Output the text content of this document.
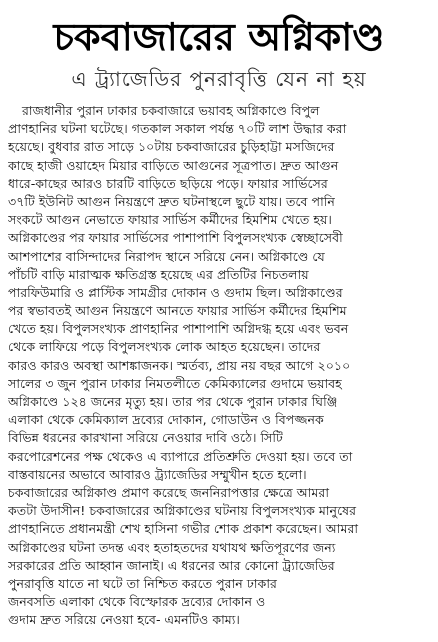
চকবাজারের অগ্নিকাণ্ড
এ ট্র্যাজেডির পুনরাবৃত্তি যেন না হয়
রাজধানীর পুরান ঢাকার চকবাজারে ভয়াবহ অগ্নিকাণ্ডে বিপুল
প্রাণহানির ঘটনা ঘটেছে। গতকাল সকাল পর্যন্ত ৭০টি লাশ উদ্ধার করা
হয়েছে। বুধবার রাত সাড়ে ১০টায় চকবাজারের চুড়িহাট্টা মসজিদের
কাছে হাজী ওয়াহেদ মিয়ার বাড়িতে আগুনের সূত্রপাত। দ্রুত আগুন
ধারে-কাছের আরও চারটি বাড়িতে ছড়িয়ে পড়ে। ফায়ার সার্ভিসের
৩৭টি ইউনিট আগুন নিয়ন্ত্রণে দ্রুত ঘটনাস্থলে ছুটে যায়। তবে পানি
সংকটে আগুন নেভাতে ফায়ার সার্ভিস কর্মীদের হিমশিম খেতে হয়।
অগ্নিকাণ্ডের পর ফায়ার সার্ভিসের পাশাপাশি বিপুলসংখ্যক স্বেচ্ছাসেবী
আশপাশের বাসিন্দাদের নিরাপদ স্থানে সরিয়ে নেন। অগ্নিকাণ্ডে যে
পাঁচটি বাড়ি মারাত্মক ক্ষতিগ্রস্ত হয়েছে এর প্রতিটির নিচতলায়
পারফিউমারি ও প্লাস্টিক সামগ্রীর দোকান ও গুদাম ছিল। অগ্নিকাণ্ডের
পর স্বভাবতই আগুন নিয়ন্ত্রণে আনতে ফায়ার সার্ভিস কর্মীদের হিমশিম
খেতে হয়। বিপুলসংখ্যক প্রাণহানির পাশাপাশি অগ্নিদগ্ধ হয়ে এবং ভবন
থেকে লাফিয়ে পড়ে বিপুলসংখ্যক লোক আহত হয়েছেন। তাদের
কারও কারও অবস্থা আশঙ্কাজনক। স্মর্তব্য, প্রায় নয় বছর আগে ২০১০
সালের ৩ জুন পুরান ঢাকার নিমতলীতে কেমিক্যালের গুদামে ভয়াবহ
অগ্নিকাণ্ডে ১২৪ জনের মৃত্যু হয়। তার পর থেকে পুরান ঢাকার ঘিঞ্জি
এলাকা থেকে কেমিক্যাল দ্রব্যের দোকান, গোডাউন ও বিপজ্জনক
বিভিন্ন ধরনের কারখানা সরিয়ে নেওয়ার দাবি ওঠে। সিটি
করপোরেশনের পক্ষ থেকেও এ ব্যাপারে প্রতিশ্রুতি দেওয়া হয়। তবে তা
বাস্তবায়নের অভাবে আবারও ট্র্যাজেডির সম্মুখীন হতে হলো।
চকবাজারের অগ্নিকাণ্ড প্রমাণ করেছে জননিরাপত্তার ক্ষেত্রে আমরা
কতটা উদাসীন! চকবাজারের অগ্নিকাণ্ডের ঘটনায় বিপুলসংখ্যক মানুষের
প্রাণহানিতে প্রধানমন্ত্রী শেখ হাসিনা গভীর শোক প্রকাশ করেছেন। আমরা
অগ্নিকাণ্ডের ঘটনা তদন্ত এবং হতাহতদের যথাযথ ক্ষতিপূরণের জন্য
সরকারের প্রতি আহ্বান জানাই। এ ধরনের আর কোনো ট্র্যাজেডির
পুনরাবৃত্তি যাতে না ঘটে তা নিশ্চিত করতে পুরান ঢাকার
জনবসতি এলাকা থেকে বিস্ফোরক দ্রব্যের দোকান ও
গুদাম দ্রুত সরিয়ে নেওয়া হবে- এমনটিও কাম্য।
